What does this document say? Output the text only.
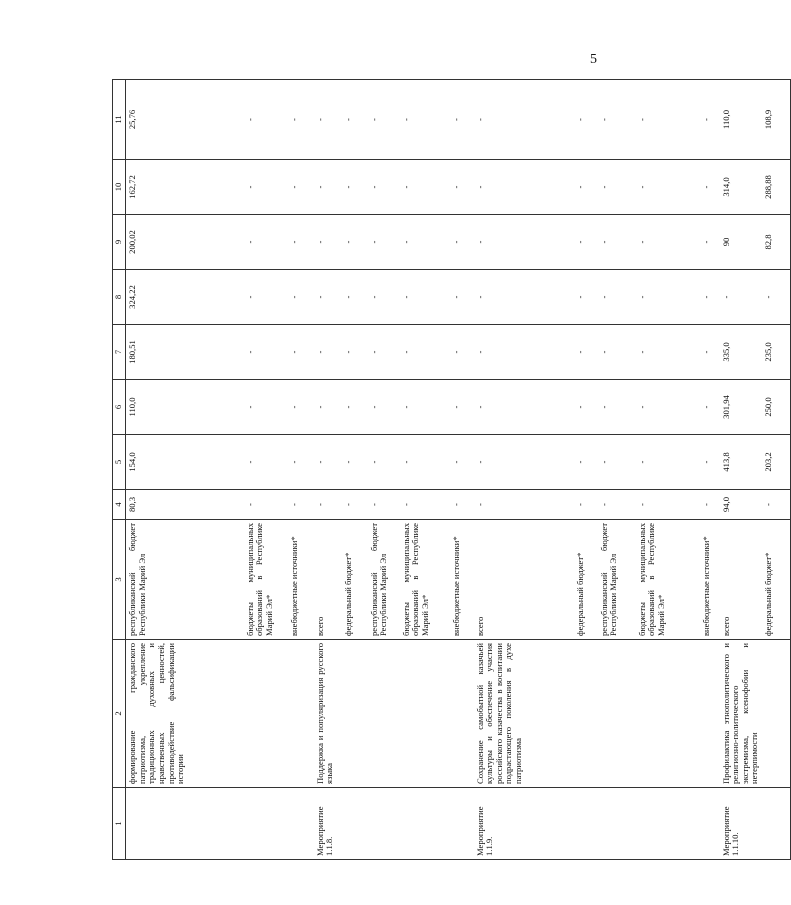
5
1	2	3	4	5	6	7	8	9	10	11
	формирование гражданского патриотизма, укрепление традиционных духовных и нравственных ценностей, противодействие фальсификации истории	республиканский бюджет Республики Марий Эл	80,3	154,0	110,0	180,51	324,22	200,02	162,72	25,76
		бюджеты муниципальных образований в Республике Марий Эл*	-	-	-	-	-	-	-	-
		внебюджетные источники*	-	-	-	-	-	-	-	-
Мероприятие 1.1.8.	Поддержка и популяризация русского языка	всего	-	-	-	-	-	-	-	-
		федеральный бюджет*	-	-	-	-	-	-	-	-
		республиканский бюджет Республики Марий Эл	-	-	-	-	-	-	-	-
		бюджеты муниципальных образований в Республике Марий Эл*	-	-	-	-	-	-	-	-
		внебюджетные источники*	-	-	-	-	-	-	-	-
Мероприятие 1.1.9.	Сохранение самобытной казачьей культуры и обеспечение участия российского казачества в воспитании подрастающего поколения в духе патриотизма	всего	-	-	-	-	-	-	-	-
		федеральный бюджет*	-	-	-	-	-	-	-	-
		республиканский бюджет Республики Марий Эл	-	-	-	-	-	-	-	-
		бюджеты муниципальных образований в Республике Марий Эл*	-	-	-	-	-	-	-	-
		внебюджетные источники*	-	-	-	-	-	-	-	-
Мероприятие 1.1.10.	Профилактика этнополитического и религиозно-политического экстремизма, ксенофобии и нетерпимости	всего	94,0	413,8	301,94	335,0	-	90	314,0	110,0
		федеральный бюджет*	-	203,2	250,0	235,0	-	82,8	288,88	108,9
